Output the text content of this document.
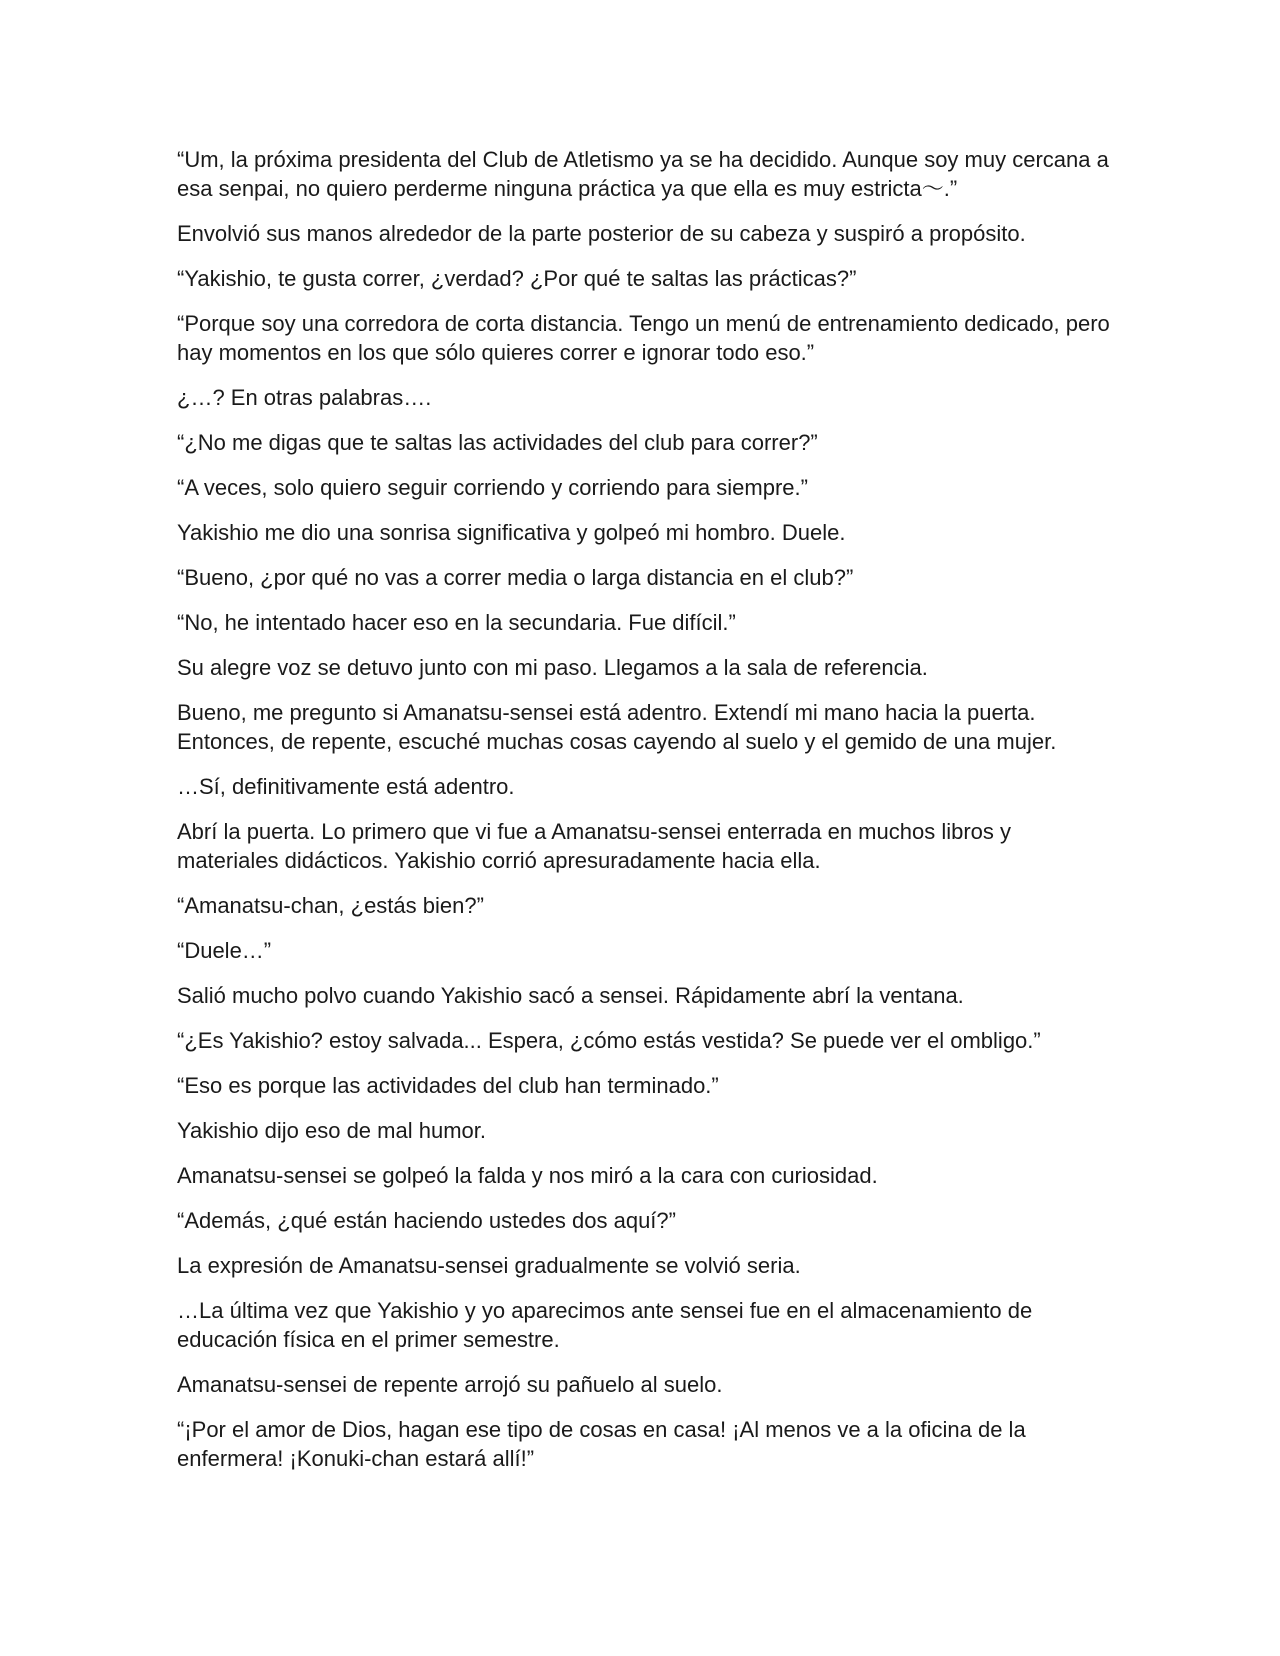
“Um, la próxima presidenta del Club de Atletismo ya se ha decidido. Aunque soy muy cercana a esa senpai, no quiero perderme ninguna práctica ya que ella es muy estricta～.”

Envolvió sus manos alrededor de la parte posterior de su cabeza y suspiró a propósito.

“Yakishio, te gusta correr, ¿verdad? ¿Por qué te saltas las prácticas?”

“Porque soy una corredora de corta distancia. Tengo un menú de entrenamiento dedicado, pero hay momentos en los que sólo quieres correr e ignorar todo eso.”

¿…? En otras palabras….

“¿No me digas que te saltas las actividades del club para correr?”

“A veces, solo quiero seguir corriendo y corriendo para siempre.”

Yakishio me dio una sonrisa significativa y golpeó mi hombro. Duele.

“Bueno, ¿por qué no vas a correr media o larga distancia en el club?”

“No, he intentado hacer eso en la secundaria. Fue difícil.”

Su alegre voz se detuvo junto con mi paso. Llegamos a la sala de referencia.

Bueno, me pregunto si Amanatsu-sensei está adentro. Extendí mi mano hacia la puerta. Entonces, de repente, escuché muchas cosas cayendo al suelo y el gemido de una mujer.

…Sí, definitivamente está adentro.

Abrí la puerta. Lo primero que vi fue a Amanatsu-sensei enterrada en muchos libros y materiales didácticos. Yakishio corrió apresuradamente hacia ella.

“Amanatsu-chan, ¿estás bien?”

“Duele…”

Salió mucho polvo cuando Yakishio sacó a sensei. Rápidamente abrí la ventana.

“¿Es Yakishio? estoy salvada... Espera, ¿cómo estás vestida? Se puede ver el ombligo.”

“Eso es porque las actividades del club han terminado.”

Yakishio dijo eso de mal humor.

Amanatsu-sensei se golpeó la falda y nos miró a la cara con curiosidad.

“Además, ¿qué están haciendo ustedes dos aquí?”

La expresión de Amanatsu-sensei gradualmente se volvió seria.

…La última vez que Yakishio y yo aparecimos ante sensei fue en el almacenamiento de educación física en el primer semestre.

Amanatsu-sensei de repente arrojó su pañuelo al suelo.

“¡Por el amor de Dios, hagan ese tipo de cosas en casa! ¡Al menos ve a la oficina de la enfermera! ¡Konuki-chan estará allí!”
